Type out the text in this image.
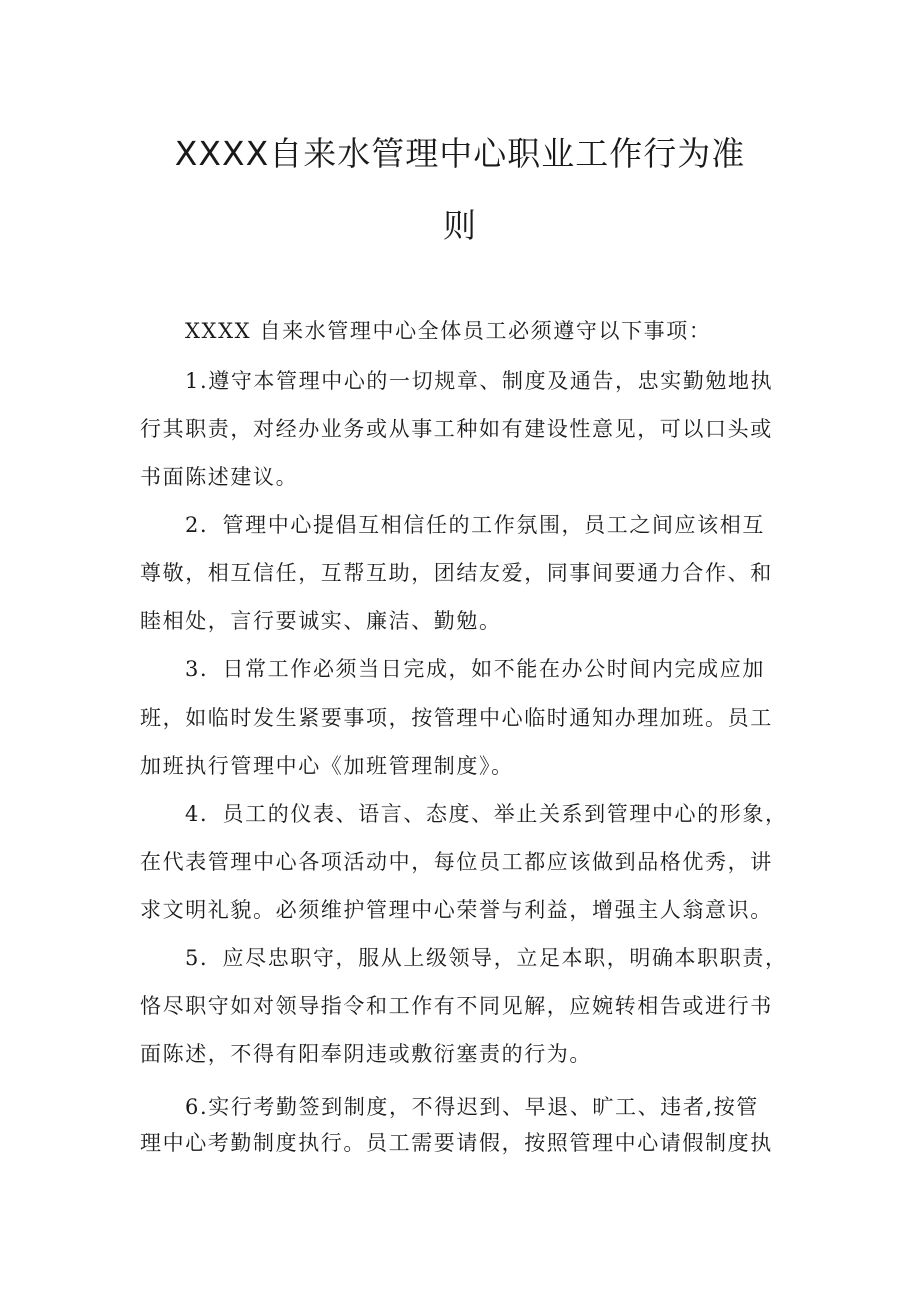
XXXX自来水管理中心职业工作行为准
则

XXXX 自来水管理中心全体员工必须遵守以下事项：

1.遵守本管理中心的一切规章、制度及通告，忠实勤勉地执

行其职责，对经办业务或从事工种如有建设性意见，可以口头或

书面陈述建议。

2．管理中心提倡互相信任的工作氛围，员工之间应该相互

尊敬，相互信任，互帮互助，团结友爱，同事间要通力合作、和

睦相处，言行要诚实、廉洁、勤勉。

3．日常工作必须当日完成，如不能在办公时间内完成应加

班，如临时发生紧要事项，按管理中心临时通知办理加班。员工

加班执行管理中心《加班管理制度》。

4．员工的仪表、语言、态度、举止关系到管理中心的形象，

在代表管理中心各项活动中，每位员工都应该做到品格优秀，讲

求文明礼貌。必须维护管理中心荣誉与利益，增强主人翁意识。

5．应尽忠职守，服从上级领导，立足本职，明确本职职责，

恪尽职守如对领导指令和工作有不同见解，应婉转相告或进行书

面陈述，不得有阳奉阴违或敷衍塞责的行为。

6.实行考勤签到制度，不得迟到、早退、旷工、违者,按管

理中心考勤制度执行。员工需要请假，按照管理中心请假制度执
